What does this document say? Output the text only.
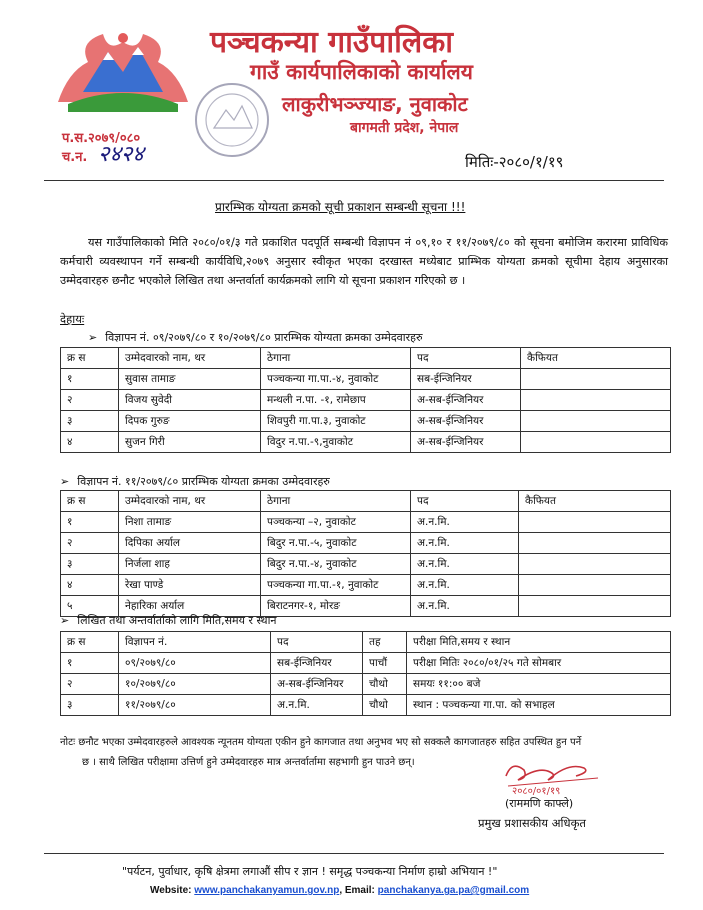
पञ्चकन्या गाउँपालिका
गाउँ कार्यपालिकाको कार्यालय
लाकुरीभञ्ज्याङ, नुवाकोट
बागमती प्रदेश, नेपाल
प.स.२०७९/०८०
च.न. २४२४	मितिः-२०८०/१/१९
प्रारम्भिक योग्यता क्रमको सूची प्रकाशन सम्बन्धी सूचना !!!
यस गाउँपालिकाको मिति २०८०/०१/३ गते प्रकाशित पदपूर्ति सम्बन्धी विज्ञापन नं ०९,१० र ११/२०७९/८० को सूचना बमोजिम करारमा प्राविधिक कर्मचारी व्यवस्थापन गर्ने सम्बन्धी कार्यविधि,२०७९ अनुसार स्वीकृत भएका दरखास्त मध्येबाट प्राम्भिक योग्यता क्रमको सूचीमा देहाय अनुसारका उम्मेदवारहरु छनौट भएकोले लिखित तथा अन्तर्वार्ता कार्यक्रमको लागि यो सूचना प्रकाशन गरिएको छ ।
देहायः
➢ विज्ञापन नं. ०९/२०७९/८० र १०/२०७९/८० प्रारम्भिक योग्यता क्रमका उम्मेदवारहरु
क्र स	उम्मेदवारको नाम, थर	ठेगाना	पद	कैफियत
१	सुवास तामाङ	पञ्चकन्या गा.पा.-४, नुवाकोट	सब-ईन्जिनियर	
२	विजय सुवेदी	मन्थली न.पा. -१, रामेछाप	अ-सब-ईन्जिनियर	
३	दिपक गुरुङ	शिवपुरी गा.पा.३, नुवाकोट	अ-सब-ईन्जिनियर	
४	सुजन गिरी	विदुर न.पा.-९,नुवाकोट	अ-सब-ईन्जिनियर	
➢ विज्ञापन नं. ११/२०७९/८० प्रारम्भिक योग्यता क्रमका उम्मेदवारहरु
क्र स	उम्मेदवारको नाम, थर	ठेगाना	पद	कैफियत
१	निशा तामाङ	पञ्चकन्या –२, नुवाकोट	अ.न.मि.	
२	दिपिका अर्याल	बिदुर न.पा.-५, नुवाकोट	अ.न.मि.	
३	निर्जला शाह	बिदुर न.पा.-४, नुवाकोट	अ.न.मि.	
४	रेखा पाण्डे	पञ्चकन्या गा.पा.-१, नुवाकोट	अ.न.मि.	
५	नेहारिका अर्याल	बिराटनगर-१, मोरङ	अ.न.मि.	
➢ लिखित तथा अन्तर्वार्ताको लागि मिति,समय र स्थान
क्र स	विज्ञापन नं.	पद	तह	परीक्षा मिति,समय र स्थान
१	०९/२०७९/८०	सब-ईन्जिनियर	पाचौं	परीक्षा मितिः २०८०/०१/२५ गते सोमबार
२	१०/२०७९/८०	अ-सब-ईन्जिनियर	चौथो	समयः ११:०० बजे
३	११/२०७९/८०	अ.न.मि.	चौथो	स्थान : पञ्चकन्या गा.पा. को सभाहल
नोटः छनौट भएका उम्मेदवारहरुले आवश्यक न्यूनतम योग्यता एकीन हुने कागजात तथा अनुभव भए सो सक्कलै कागजातहरु सहित उपस्थित हुन पर्ने
छ । साथै लिखित परीक्षामा उत्तिर्ण हुने उम्मेदवारहरु मात्र अन्तर्वार्तामा सहभागी हुन पाउने छन्।
२०८०/०१/१९
(राममणि काफ्ले)
प्रमुख प्रशासकीय अधिकृत
"पर्यटन, पुर्वाधार, कृषि क्षेत्रमा लगाऔं सीप र ज्ञान ! समृद्ध पञ्चकन्या निर्माण हाम्रो अभियान !"
Website: www.panchakanyamun.gov.np, Email: panchakanya.ga.pa@gmail.com
